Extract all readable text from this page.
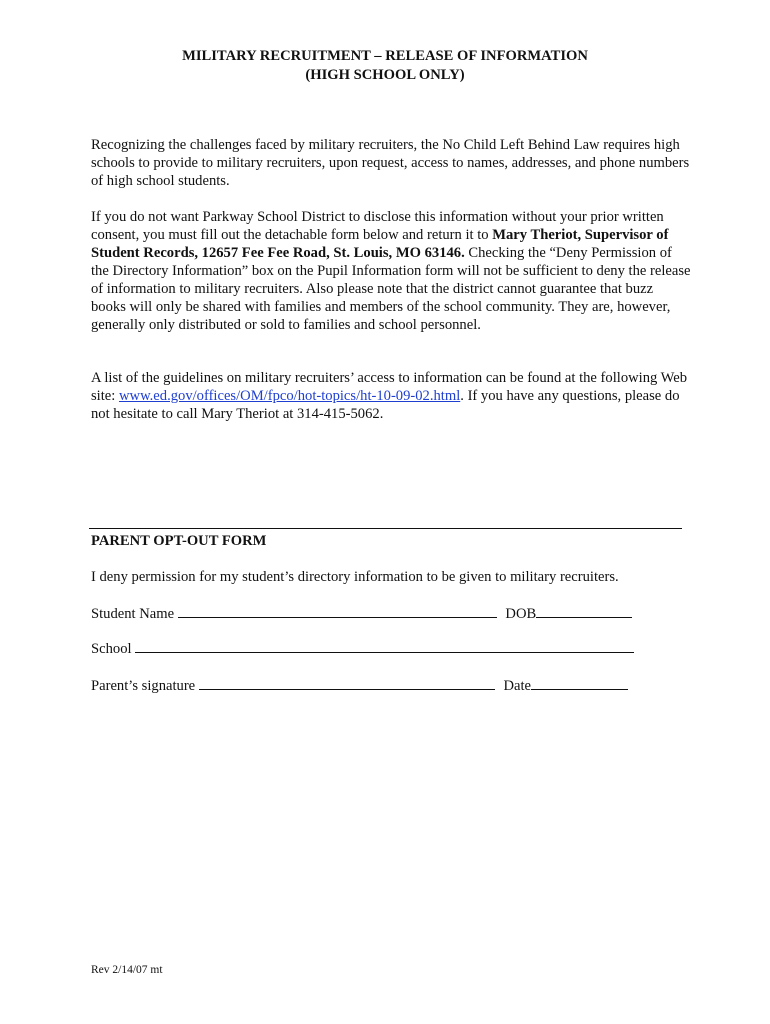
MILITARY RECRUITMENT – RELEASE OF INFORMATION
(HIGH SCHOOL ONLY)

Recognizing the challenges faced by military recruiters, the No Child Left Behind Law requires high schools to provide to military recruiters, upon request, access to names, addresses, and phone numbers of high school students.

If you do not want Parkway School District to disclose this information without your prior written consent, you must fill out the detachable form below and return it to Mary Theriot, Supervisor of Student Records, 12657 Fee Fee Road, St. Louis, MO 63146. Checking the “Deny Permission of the Directory Information” box on the Pupil Information form will not be sufficient to deny the release of information to military recruiters. Also please note that the district cannot guarantee that buzz books will only be shared with families and members of the school community. They are, however, generally only distributed or sold to families and school personnel.

A list of the guidelines on military recruiters’ access to information can be found at the following Web site: www.ed.gov/offices/OM/fpco/hot-topics/ht-10-09-02.html. If you have any questions, please do not hesitate to call Mary Theriot at 314-415-5062.

PARENT OPT-OUT FORM
I deny permission for my student’s directory information to be given to military recruiters.
Student Name	DOB
School
Parent’s signature	Date
Rev 2/14/07 mt
